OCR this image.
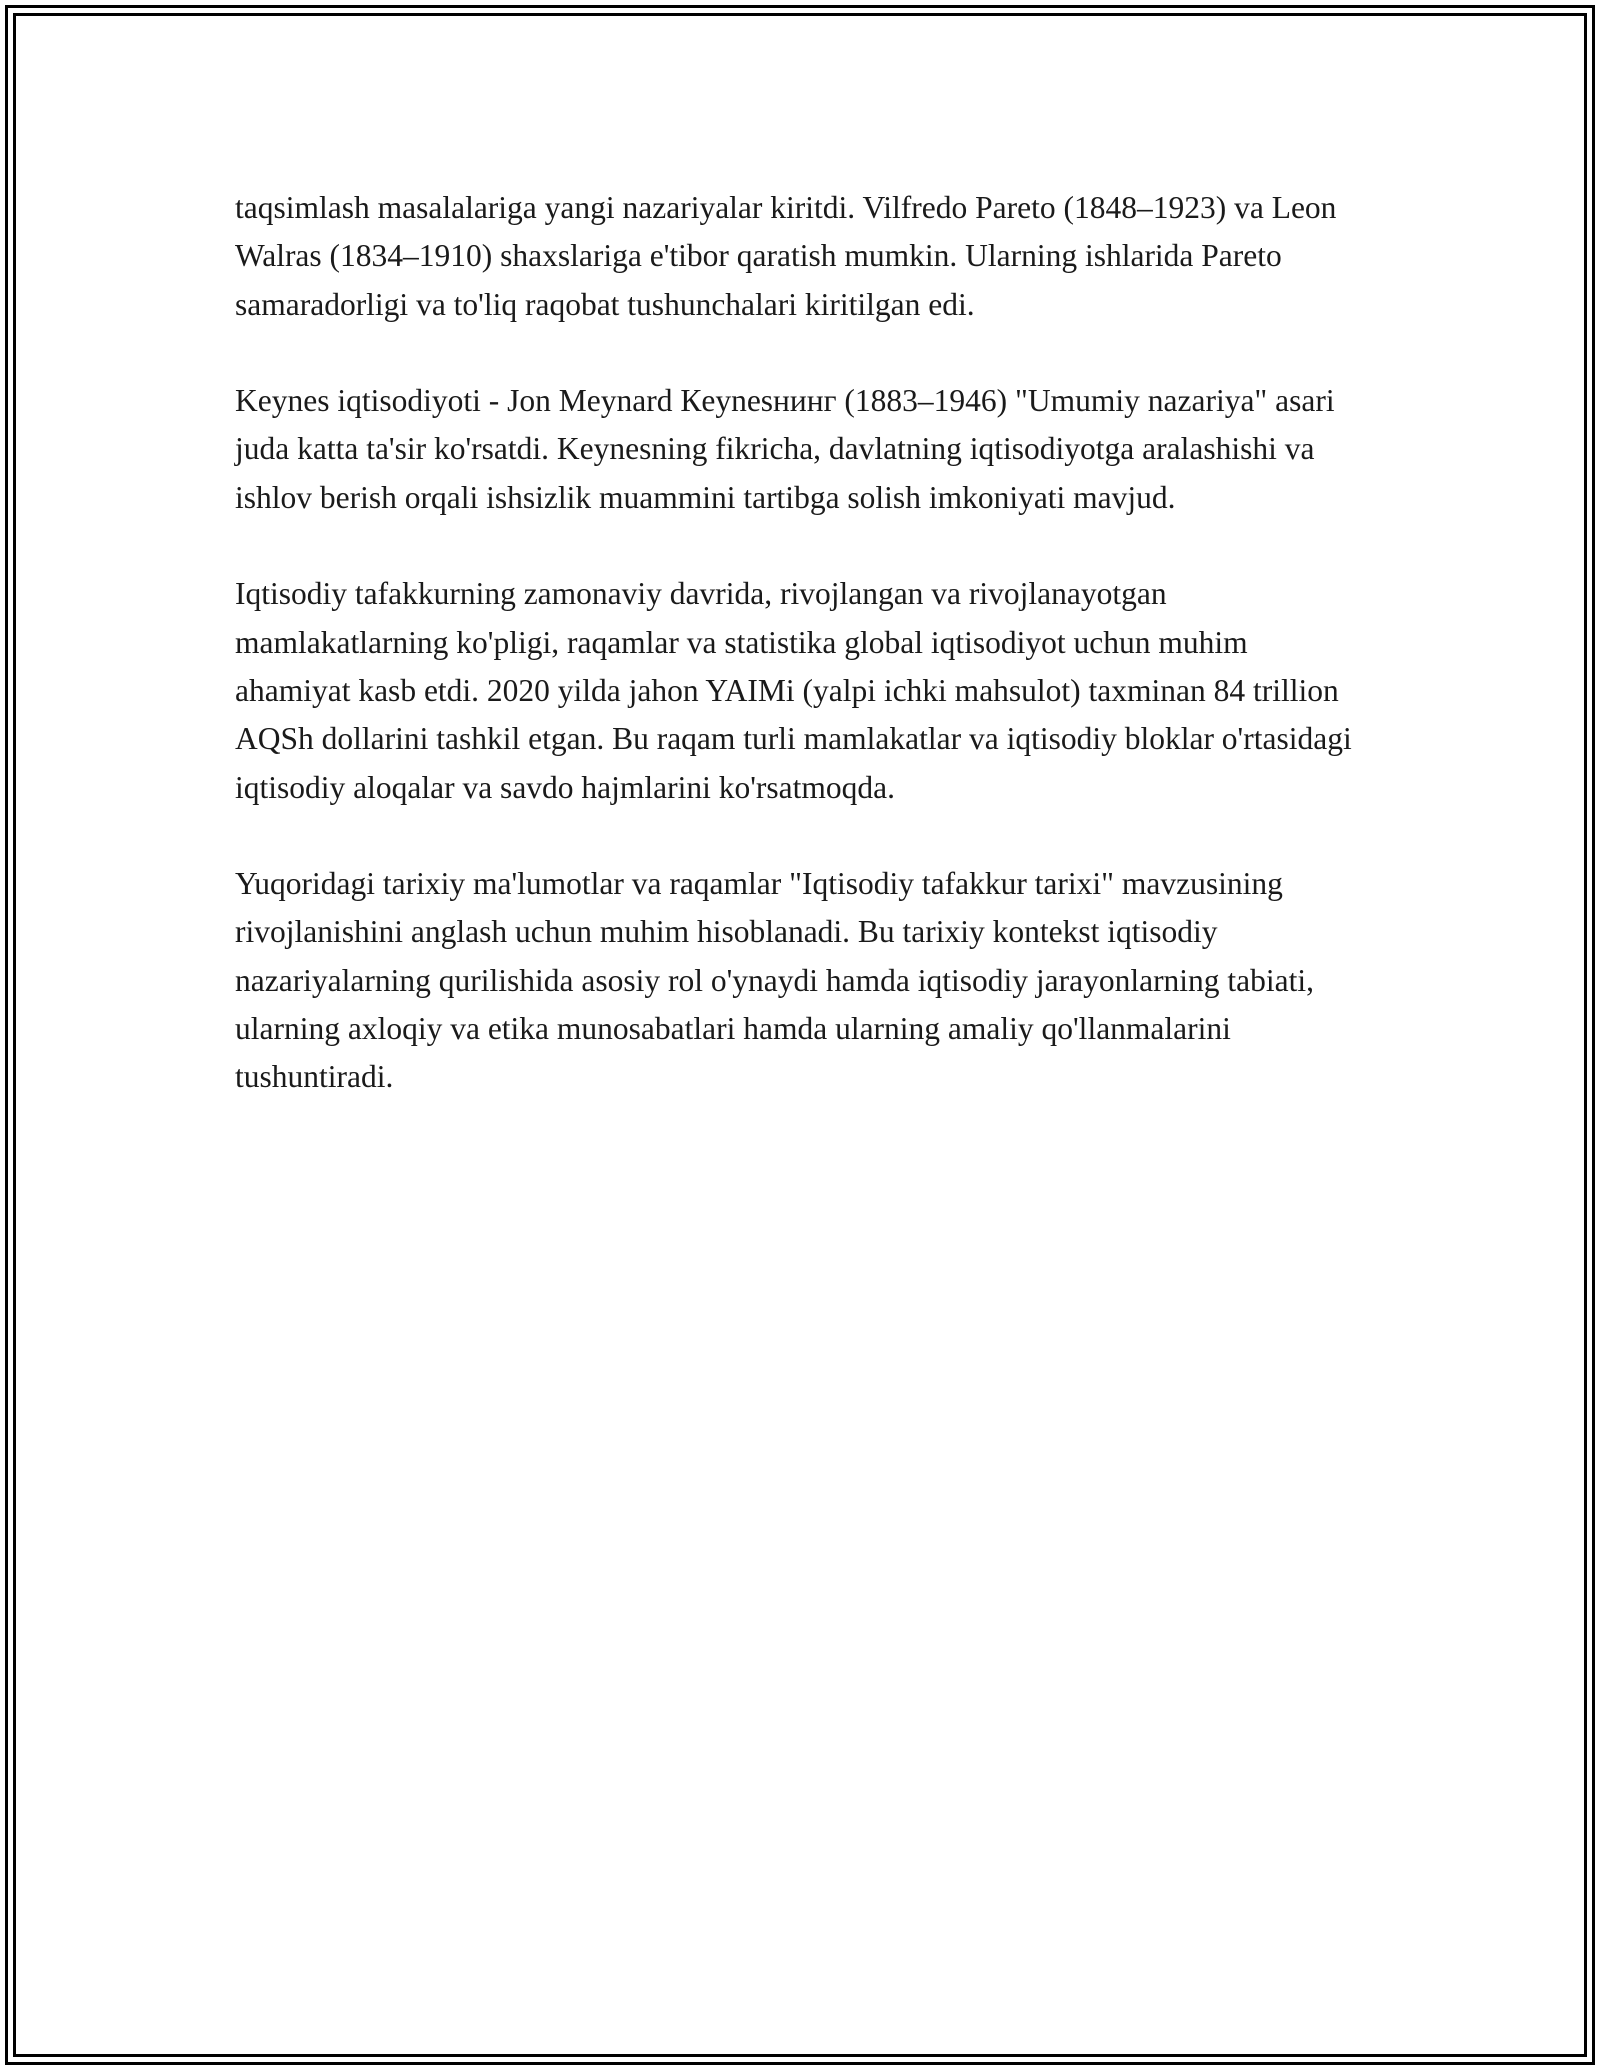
taqsimlash masalalariga yangi nazariyalar kiritdi. Vilfredo Pareto (1848–1923) va Leon Walras (1834–1910) shaxslariga e'tibor qaratish mumkin. Ularning ishlarida Pareto samaradorligi va to'liq raqobat tushunchalari kiritilgan edi.

Keynes iqtisodiyoti - Jon Meynard Кeynesнинг (1883–1946) "Umumiy nazariya" asari juda katta ta'sir ko'rsatdi. Keynesning fikricha, davlatning iqtisodiyotga aralashishi va ishlov berish orqali ishsizlik muammini tartibga solish imkoniyati mavjud.

Iqtisodiy tafakkurning zamonaviy davrida, rivojlangan va rivojlanayotgan mamlakatlarning ko'pligi, raqamlar va statistika global iqtisodiyot uchun muhim ahamiyat kasb etdi. 2020 yilda jahon YAIMi (yalpi ichki mahsulot) taxminan 84 trillion AQSh dollarini tashkil etgan. Bu raqam turli mamlakatlar va iqtisodiy bloklar o'rtasidagi iqtisodiy aloqalar va savdo hajmlarini ko'rsatmoqda.

Yuqoridagi tarixiy ma'lumotlar va raqamlar "Iqtisodiy tafakkur tarixi" mavzusining rivojlanishini anglash uchun muhim hisoblanadi. Bu tarixiy kontekst iqtisodiy nazariyalarning qurilishida asosiy rol o'ynaydi hamda iqtisodiy jarayonlarning tabiati, ularning axloqiy va etika munosabatlari hamda ularning amaliy qo'llanmalarini tushuntiradi.
